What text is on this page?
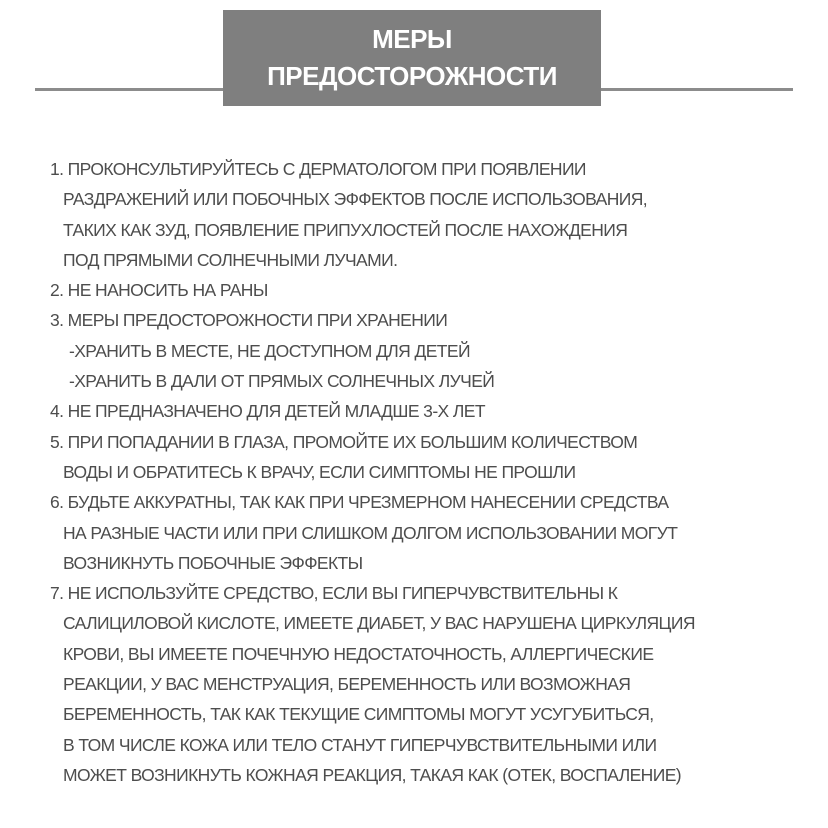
МЕРЫ
ПРЕДОСТОРОЖНОСТИ
1. ПРОКОНСУЛЬТИРУЙТЕСЬ С ДЕРМАТОЛОГОМ ПРИ ПОЯВЛЕНИИ
РАЗДРАЖЕНИЙ ИЛИ ПОБОЧНЫХ ЭФФЕКТОВ ПОСЛЕ ИСПОЛЬЗОВАНИЯ,
ТАКИХ КАК ЗУД, ПОЯВЛЕНИЕ ПРИПУХЛОСТЕЙ ПОСЛЕ НАХОЖДЕНИЯ
ПОД ПРЯМЫМИ СОЛНЕЧНЫМИ ЛУЧАМИ.
2. НЕ НАНОСИТЬ НА РАНЫ
3. МЕРЫ ПРЕДОСТОРОЖНОСТИ ПРИ ХРАНЕНИИ
-ХРАНИТЬ В МЕСТЕ, НЕ ДОСТУПНОМ ДЛЯ ДЕТЕЙ
-ХРАНИТЬ В ДАЛИ ОТ ПРЯМЫХ СОЛНЕЧНЫХ ЛУЧЕЙ
4. НЕ ПРЕДНАЗНАЧЕНО ДЛЯ ДЕТЕЙ МЛАДШЕ 3-Х ЛЕТ
5. ПРИ ПОПАДАНИИ В ГЛАЗА, ПРОМОЙТЕ ИХ БОЛЬШИМ КОЛИЧЕСТВОМ
ВОДЫ И ОБРАТИТЕСЬ К ВРАЧУ, ЕСЛИ СИМПТОМЫ НЕ ПРОШЛИ
6. БУДЬТЕ АККУРАТНЫ, ТАК КАК ПРИ ЧРЕЗМЕРНОМ НАНЕСЕНИИ СРЕДСТВА
НА РАЗНЫЕ ЧАСТИ ИЛИ ПРИ СЛИШКОМ ДОЛГОМ ИСПОЛЬЗОВАНИИ МОГУТ
ВОЗНИКНУТЬ ПОБОЧНЫЕ ЭФФЕКТЫ
7. НЕ ИСПОЛЬЗУЙТЕ СРЕДСТВО, ЕСЛИ ВЫ ГИПЕРЧУВСТВИТЕЛЬНЫ К
САЛИЦИЛОВОЙ КИСЛОТЕ, ИМЕЕТЕ ДИАБЕТ, У ВАС НАРУШЕНА ЦИРКУЛЯЦИЯ
КРОВИ, ВЫ ИМЕЕТЕ ПОЧЕЧНУЮ НЕДОСТАТОЧНОСТЬ, АЛЛЕРГИЧЕСКИЕ
РЕАКЦИИ, У ВАС МЕНСТРУАЦИЯ, БЕРЕМЕННОСТЬ ИЛИ ВОЗМОЖНАЯ
БЕРЕМЕННОСТЬ, ТАК КАК ТЕКУЩИЕ СИМПТОМЫ МОГУТ УСУГУБИТЬСЯ,
В ТОМ ЧИСЛЕ КОЖА ИЛИ ТЕЛО СТАНУТ ГИПЕРЧУВСТВИТЕЛЬНЫМИ ИЛИ
МОЖЕТ ВОЗНИКНУТЬ КОЖНАЯ РЕАКЦИЯ, ТАКАЯ КАК (ОТЕК, ВОСПАЛЕНИЕ)
